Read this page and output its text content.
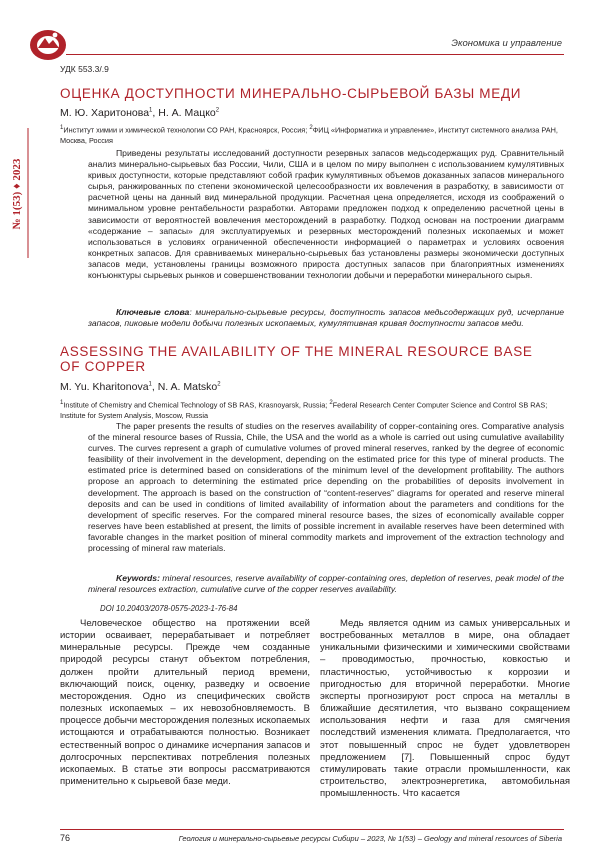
Экономика и управление
№ 1(53) ♦ 2023
УДК 553.3/.9
ОЦЕНКА ДОСТУПНОСТИ МИНЕРАЛЬНО-СЫРЬЕВОЙ БАЗЫ МЕДИ
М. Ю. Харитонова1, Н. А. Мацко2
1Институт химии и химической технологии СО РАН, Красноярск, Россия; 2ФИЦ «Информатика и управление», Институт системного анализа РАН, Москва, Россия

Приведены результаты исследований доступности резервных запасов медьсодержащих руд. Сравнительный анализ минерально-сырьевых баз России, Чили, США и в целом по миру выполнен с использованием кумулятивных кривых доступности, которые представляют собой график кумулятивных объемов доказанных запасов минерального сырья, ранжированных по степени экономической целесообразности их вовлечения в разработку, в зависимости от расчетной цены на данный вид минеральной продукции. Расчетная цена определяется, исходя из соображений о минимальном уровне рентабельности разработки. Авторами предложен подход к определению расчетной цены в зависимости от вероятностей вовлечения месторождений в разработку. Подход основан на построении диаграмм «содержание – запасы» для эксплуатируемых и резервных месторождений полезных ископаемых и может использоваться в условиях ограниченной обеспеченности информацией о параметрах и условиях освоения конкретных запасов. Для сравниваемых минерально-сырьевых баз установлены размеры экономически доступных запасов меди, установлены границы возможного прироста доступных запасов при благоприятных изменениях конъюнктуры сырьевых рынков и совершенствовании технологии добычи и переработки минерального сырья.

Ключевые слова: минерально-сырьевые ресурсы, доступность запасов медьсодержащих руд, исчерпание запасов, пиковые модели добычи полезных ископаемых, кумулятивная кривая доступности запасов меди.

ASSESSING THE AVAILABILITY OF THE MINERAL RESOURCE BASE OF COPPER
M. Yu. Kharitonova1, N. A. Matsko2
1Institute of Chemistry and Chemical Technology of SB RAS, Krasnoyarsk, Russia; 2Federal Research Center Computer Science and Control SB RAS; Institute for System Analysis, Moscow, Russia

The paper presents the results of studies on the reserves availability of copper-containing ores. Comparative analysis of the mineral resource bases of Russia, Chile, the USA and the world as a whole is carried out using cumulative availability curves. The curves represent a graph of cumulative volumes of proved mineral reserves, ranked by the degree of economic feasibility of their involvement in the development, depending on the estimated price for this type of mineral products. The estimated price is determined based on considerations of the minimum level of the development profitability. The authors propose an approach to determining the estimated price depending on the probabilities of deposits involvement in development. The approach is based on the construction of “content-reserves” diagrams for operated and reserve mineral deposits and can be used in conditions of limited availability of information about the parameters and conditions for the development of specific reserves. For the compared mineral resource bases, the sizes of economically available copper reserves have been established at present, the limits of possible increment in available reserves have been determined with favorable changes in the market position of mineral commodity markets and improvement of the extraction technology and processing of mineral raw materials.

Keywords: mineral resources, reserve availability of copper-containing ores, depletion of reserves, peak model of the mineral resources extraction, cumulative curve of the copper reserves availability.

DOI 10.20403/2078-0575-2023-1-76-84

Человеческое общество на протяжении всей истории осваивает, перерабатывает и потребляет минеральные ресурсы. Прежде чем созданные природой ресурсы станут объектом потребления, должен пройти длительный период времени, включающий поиск, оценку, разведку и освоение месторождения. Одно из специфических свойств полезных ископаемых – их невозобновляемость. В процессе добычи месторождения полезных ископаемых истощаются и отрабатываются полностью. Возникает естественный вопрос о динамике исчерпания запасов и долгосрочных перспективах потребления полезных ископаемых. В статье эти вопросы рассматриваются применительно к сырьевой базе меди.

Медь является одним из самых универсальных и востребованных металлов в мире, она обладает уникальными физическими и химическими свойствами – проводимостью, прочностью, ковкостью и пластичностью, устойчивостью к коррозии и пригодностью для вторичной переработки. Многие эксперты прогнозируют рост спроса на металлы в ближайшие десятилетия, что вызвано сокращением использования нефти и газа для смягчения последствий изменения климата. Предполагается, что этот повышенный спрос не будет удовлетворен предложением [7]. Повышенный спрос будут стимулировать такие отрасли промышленности, как строительство, электроэнергетика, автомобильная промышленность. Что касается

76	Геология и минерально-сырьевые ресурсы Сибири – 2023, № 1(53) – Geology and mineral resources of Siberia
